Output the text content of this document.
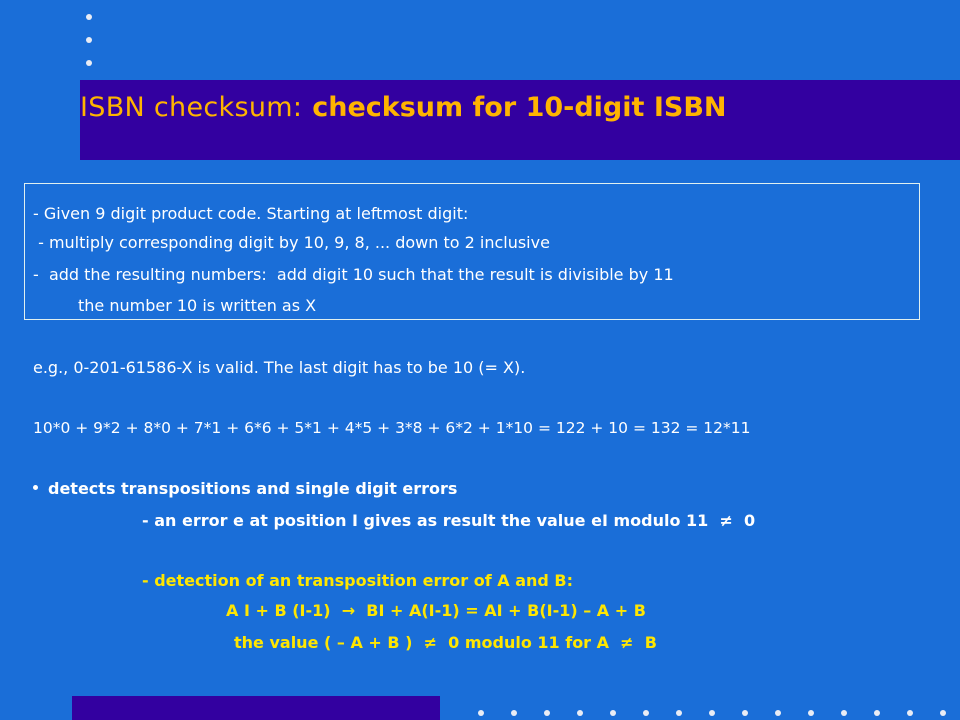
ISBN checksum: checksum for 10-digit ISBN
- Given 9 digit product code. Starting at leftmost digit:
- multiply corresponding digit by 10, 9, 8, ... down to 2 inclusive
-  add the resulting numbers:  add digit 10 such that the result is divisible by 11
the number 10 is written as X
e.g., 0-201-61586-X is valid. The last digit has to be 10 (= X).
10*0 + 9*2 + 8*0 + 7*1 + 6*6 + 5*1 + 4*5 + 3*8 + 6*2 + 1*10 = 122 + 10 = 132 = 12*11
detects transpositions and single digit errors
- an error e at position I gives as result the value eI modulo 11  ≠  0
- detection of an transposition error of A and B:
A I + B (I-1)  →  BI + A(I-1) = AI + B(I-1) – A + B
the value ( – A + B )  ≠  0 modulo 11 for A  ≠  B
